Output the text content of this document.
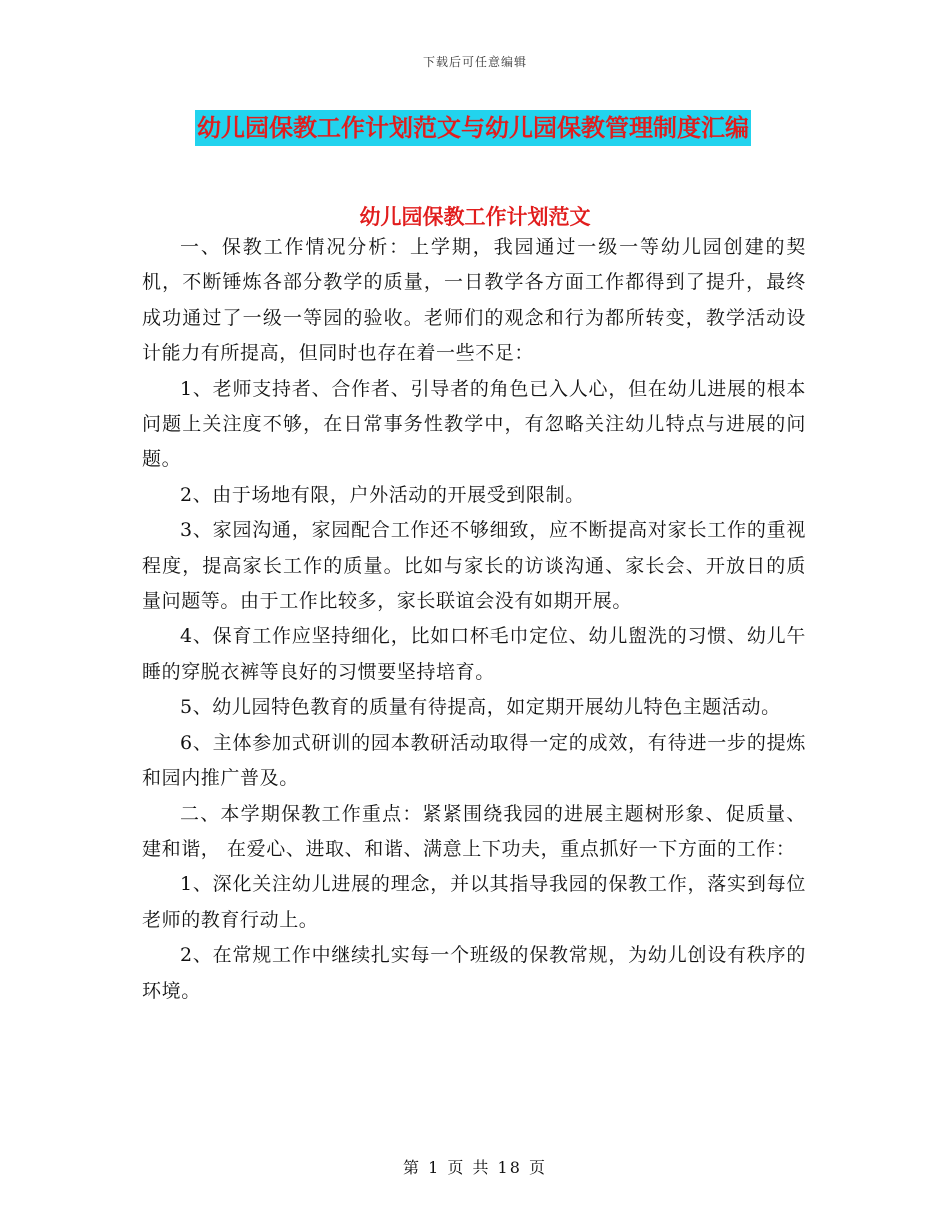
下载后可任意编辑
幼儿园保教工作计划范文与幼儿园保教管理制度汇编
幼儿园保教工作计划范文

一、保教工作情况分析：上学期，我园通过一级一等幼儿园创建的契机，不断锤炼各部分教学的质量，一日教学各方面工作都得到了提升，最终成功通过了一级一等园的验收。老师们的观念和行为都所转变，教学活动设计能力有所提高，但同时也存在着一些不足：

1、老师支持者、合作者、引导者的角色已入人心，但在幼儿进展的根本问题上关注度不够，在日常事务性教学中，有忽略关注幼儿特点与进展的问题。

2、由于场地有限，户外活动的开展受到限制。

3、家园沟通，家园配合工作还不够细致，应不断提高对家长工作的重视程度，提高家长工作的质量。比如与家长的访谈沟通、家长会、开放日的质量问题等。由于工作比较多，家长联谊会没有如期开展。

4、保育工作应坚持细化，比如口杯毛巾定位、幼儿盥洗的习惯、幼儿午睡的穿脱衣裤等良好的习惯要坚持培育。

5、幼儿园特色教育的质量有待提高，如定期开展幼儿特色主题活动。

6、主体参加式研训的园本教研活动取得一定的成效，有待进一步的提炼和园内推广普及。

二、本学期保教工作重点：紧紧围绕我园的进展主题树形象、促质量、建和谐， 在爱心、进取、和谐、满意上下功夫，重点抓好一下方面的工作：

1、深化关注幼儿进展的理念，并以其指导我园的保教工作，落实到每位老师的教育行动上。

2、在常规工作中继续扎实每一个班级的保教常规，为幼儿创设有秩序的环境。

第 1 页 共 18 页
